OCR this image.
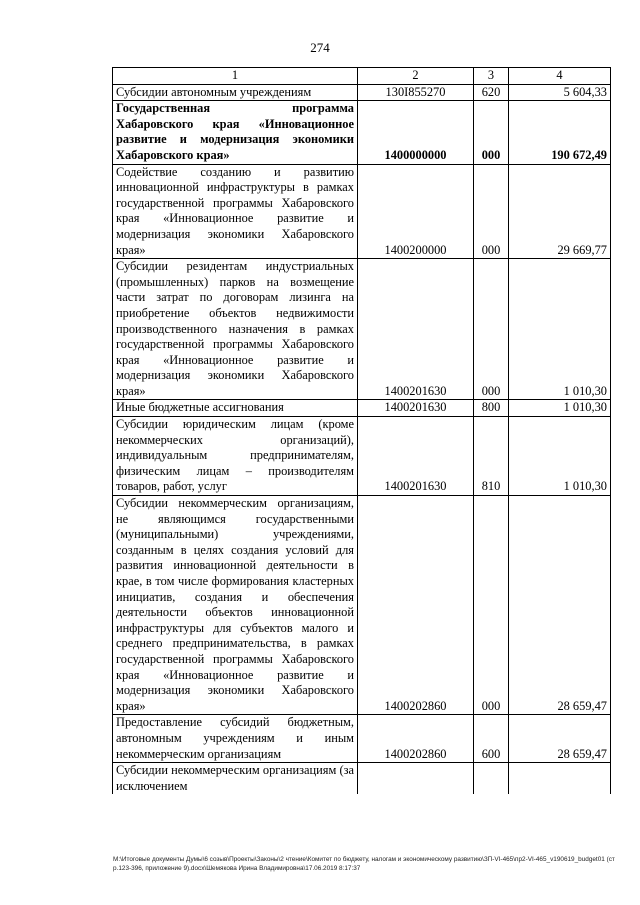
274
1	2	3	4
Субсидии автономным учреждениям	130I855270	620	5 604,33
Государственная программа Хабаровского края «Инновационное развитие и модернизация экономики Хабаровского края»	1400000000	000	190 672,49
Содействие созданию и развитию инновационной инфраструктуры в рамках государственной программы Хабаровского края «Инновационное развитие и модернизация экономики Хабаровского края»	1400200000	000	29 669,77
Субсидии резидентам индустриальных (промышленных) парков на возмещение части затрат по договорам лизинга на приобретение объектов недвижимости производственного назначения в рамках государственной программы Хабаровского края «Инновационное развитие и модернизация экономики Хабаровского края»	1400201630	000	1 010,30
Иные бюджетные ассигнования	1400201630	800	1 010,30
Субсидии юридическим лицам (кроме некоммерческих организаций), индивидуальным предпринимателям, физическим лицам – производителям товаров, работ, услуг	1400201630	810	1 010,30
Субсидии некоммерческим организациям, не являющимся государственными (муниципальными) учреждениями, созданным в целях создания условий для развития инновационной деятельности в крае, в том числе формирования кластерных инициатив, создания и обеспечения деятельности объектов инновационной инфраструктуры для субъектов малого и среднего предпринимательства, в рамках государственной программы Хабаровского края «Инновационное развитие и модернизация экономики Хабаровского края»	1400202860	000	28 659,47
Предоставление субсидий бюджетным, автономным учреждениям и иным некоммерческим организациям	1400202860	600	28 659,47
Субсидии некоммерческим организациям (за исключением			
M:\Итоговые документы Думы\6 созыв\Проекты\Законы\2 чтение\Комитет по бюджету, налогам и экономическому развитию\ЗП-VI-465\пр2-VI-465_v190619_budget01 (стр.123-396, приложение 9).docx\Шемякова Ирина Владимировна\17.06.2019 8:17:37
